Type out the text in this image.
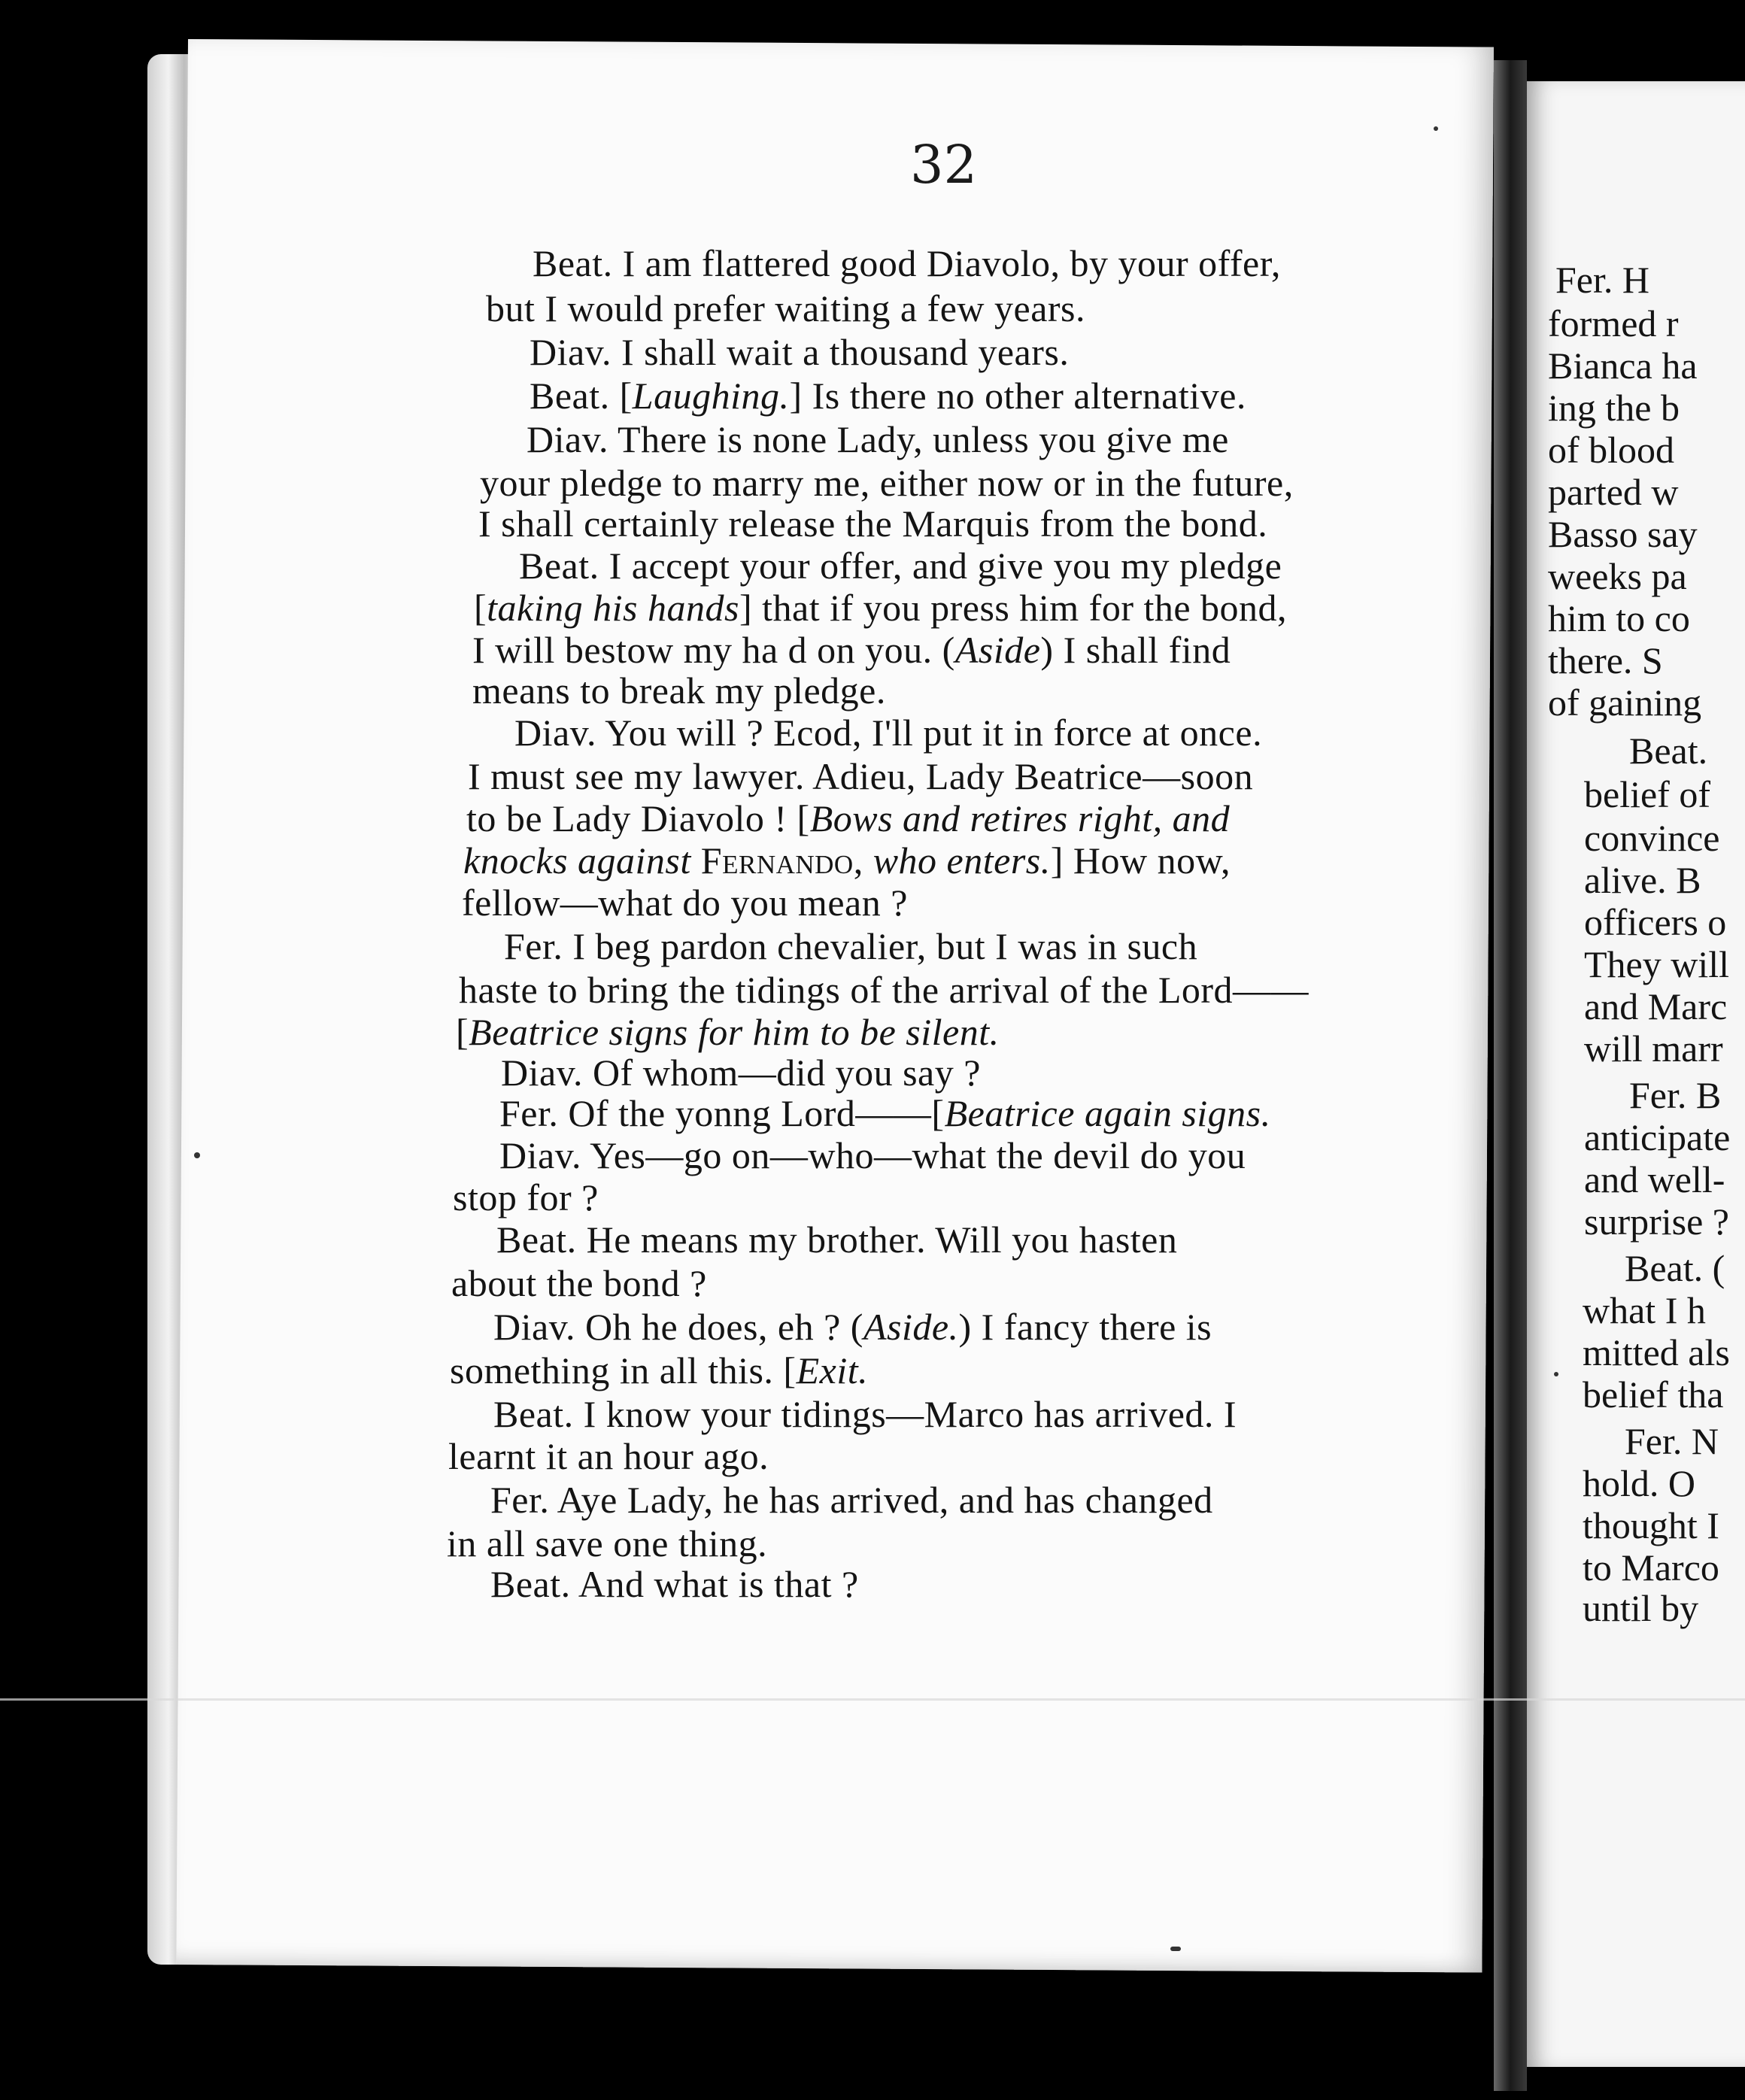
32

Beat. I am flattered good Diavolo, by your offer,

but I would prefer waiting a few years.

Diav. I shall wait a thousand years.

Beat. [Laughing.] Is there no other alternative.

Diav. There is none Lady, unless you give me

your pledge to marry me, either now or in the future,

I shall certainly release the Marquis from the bond.

Beat. I accept your offer, and give you my pledge

[taking his hands] that if you press him for the bond,

I will bestow my ha d on you. (Aside) I shall find

means to break my pledge.

Diav. You will ? Ecod, I'll put it in force at once.

I must see my lawyer. Adieu, Lady Beatrice—soon

to be Lady Diavolo ! [Bows and retires right, and

knocks against Fernando, who enters.] How now,

fellow—what do you mean ?

Fer. I beg pardon chevalier, but I was in such

haste to bring the tidings of the arrival of the Lord——

[Beatrice signs for him to be silent.

Diav. Of whom—did you say ?

Fer. Of the yonng Lord——[Beatrice again signs.

Diav. Yes—go on—who—what the devil do you

stop for ?

Beat. He means my brother. Will you hasten

about the bond ?

Diav. Oh he does, eh ? (Aside.) I fancy there is

something in all this. [Exit.

Beat. I know your tidings—Marco has arrived. I

learnt it an hour ago.

Fer. Aye Lady, he has arrived, and has changed

in all save one thing.

Beat. And what is that ?

Fer. H

formed r

Bianca ha

ing the b

of blood

parted w

Basso say

weeks pa

him to co

there. S

of gaining

Beat.

belief of

convince

alive. B

officers o

They will

and Marc

will marr

Fer. B

anticipate

and well-

surprise ?

Beat. (

what I h

mitted als

belief tha

Fer. N

hold. O

thought I

to Marco

until by
